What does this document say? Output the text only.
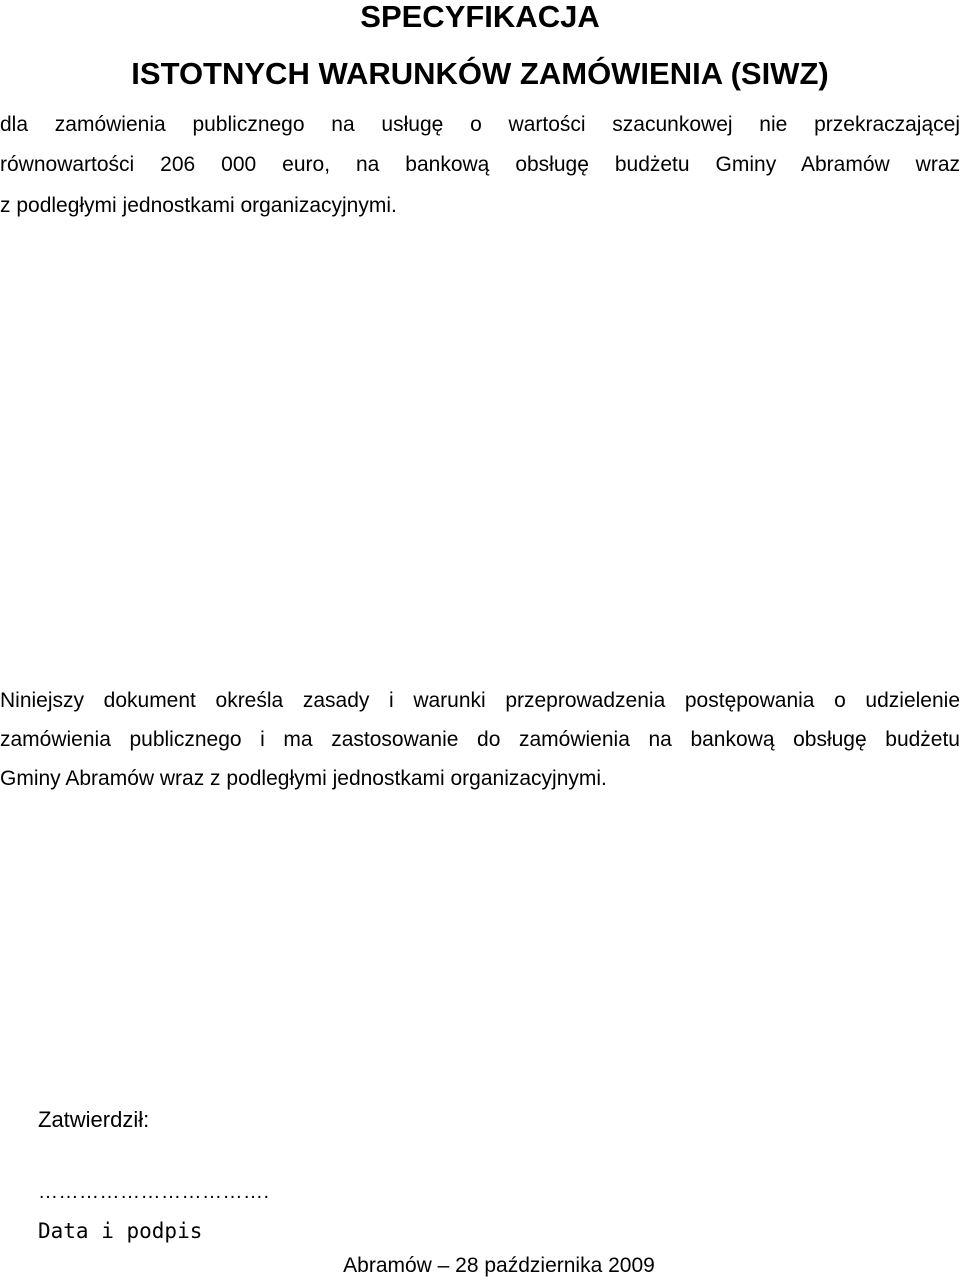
SPECYFIKACJA
ISTOTNYCH WARUNKÓW ZAMÓWIENIA (SIWZ)
dla zamówienia publicznego na usługę o wartości szacunkowej nie przekraczającej
równowartości 206 000 euro, na bankową obsługę budżetu Gminy Abramów wraz
z podległymi jednostkami organizacyjnymi.
Niniejszy dokument określa zasady i warunki przeprowadzenia postępowania o udzielenie
zamówienia publicznego i ma zastosowanie do zamówienia na bankową obsługę budżetu
Gminy Abramów wraz z podległymi jednostkami organizacyjnymi.
Zatwierdził:
…………………………….
Data i podpis
Abramów – 28 października 2009
